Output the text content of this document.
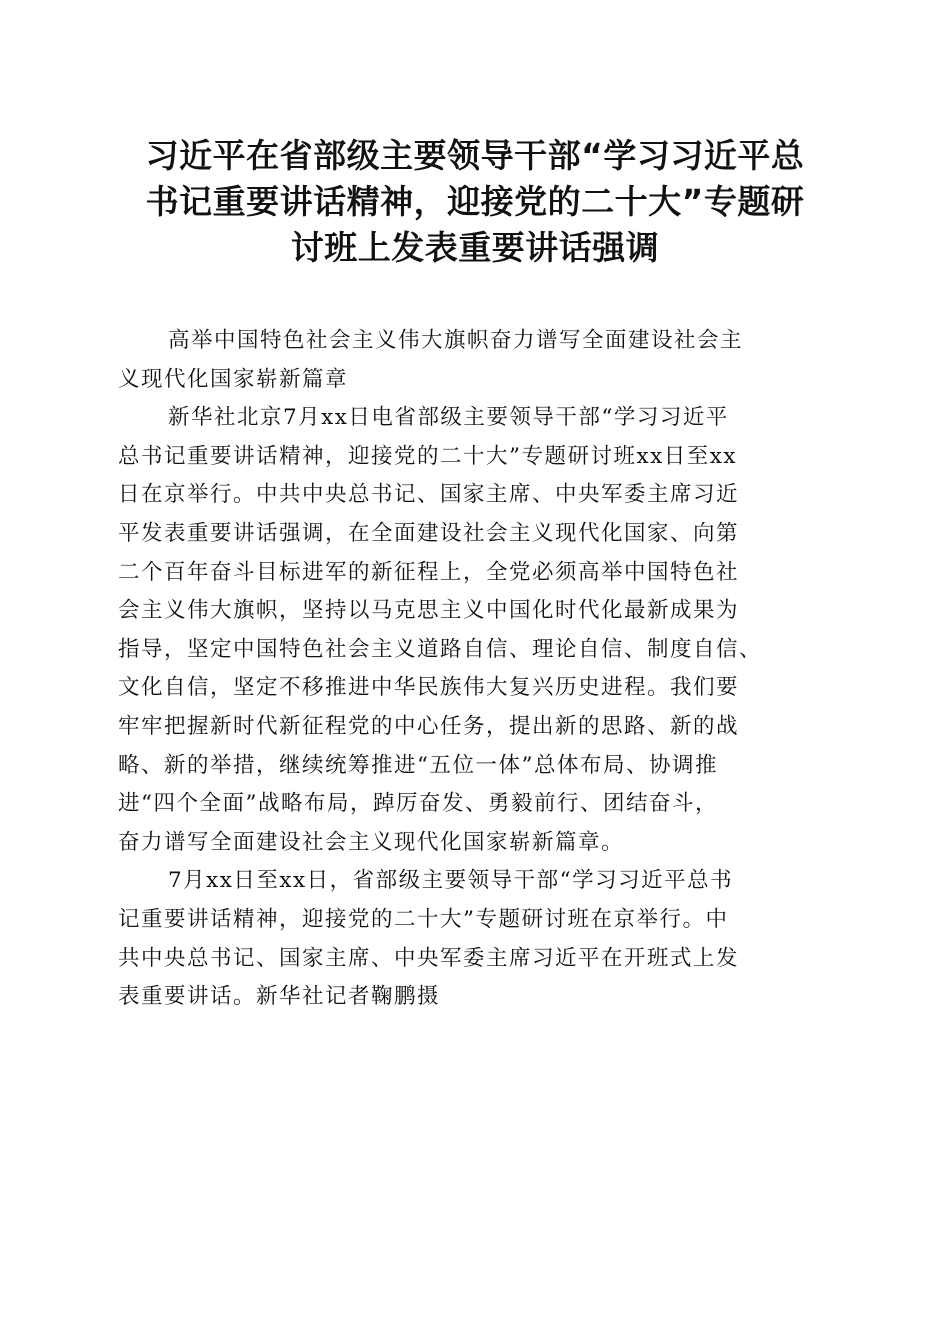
习近平在省部级主要领导干部“学习习近平总
书记重要讲话精神，迎接党的二十大”专题研
讨班上发表重要讲话强调

高举中国特色社会主义伟大旗帜奋力谱写全面建设社会主
义现代化国家崭新篇章

新华社北京7月xx日电省部级主要领导干部“学习习近平
总书记重要讲话精神，迎接党的二十大”专题研讨班xx日至xx
日在京举行。中共中央总书记、国家主席、中央军委主席习近
平发表重要讲话强调，在全面建设社会主义现代化国家、向第
二个百年奋斗目标进军的新征程上，全党必须高举中国特色社
会主义伟大旗帜，坚持以马克思主义中国化时代化最新成果为
指导，坚定中国特色社会主义道路自信、理论自信、制度自信、
文化自信，坚定不移推进中华民族伟大复兴历史进程。我们要
牢牢把握新时代新征程党的中心任务，提出新的思路、新的战
略、新的举措，继续统筹推进“五位一体”总体布局、协调推
进“四个全面”战略布局，踔厉奋发、勇毅前行、团结奋斗，
奋力谱写全面建设社会主义现代化国家崭新篇章。

7月xx日至xx日，省部级主要领导干部“学习习近平总书
记重要讲话精神，迎接党的二十大”专题研讨班在京举行。中
共中央总书记、国家主席、中央军委主席习近平在开班式上发
表重要讲话。新华社记者鞠鹏摄
